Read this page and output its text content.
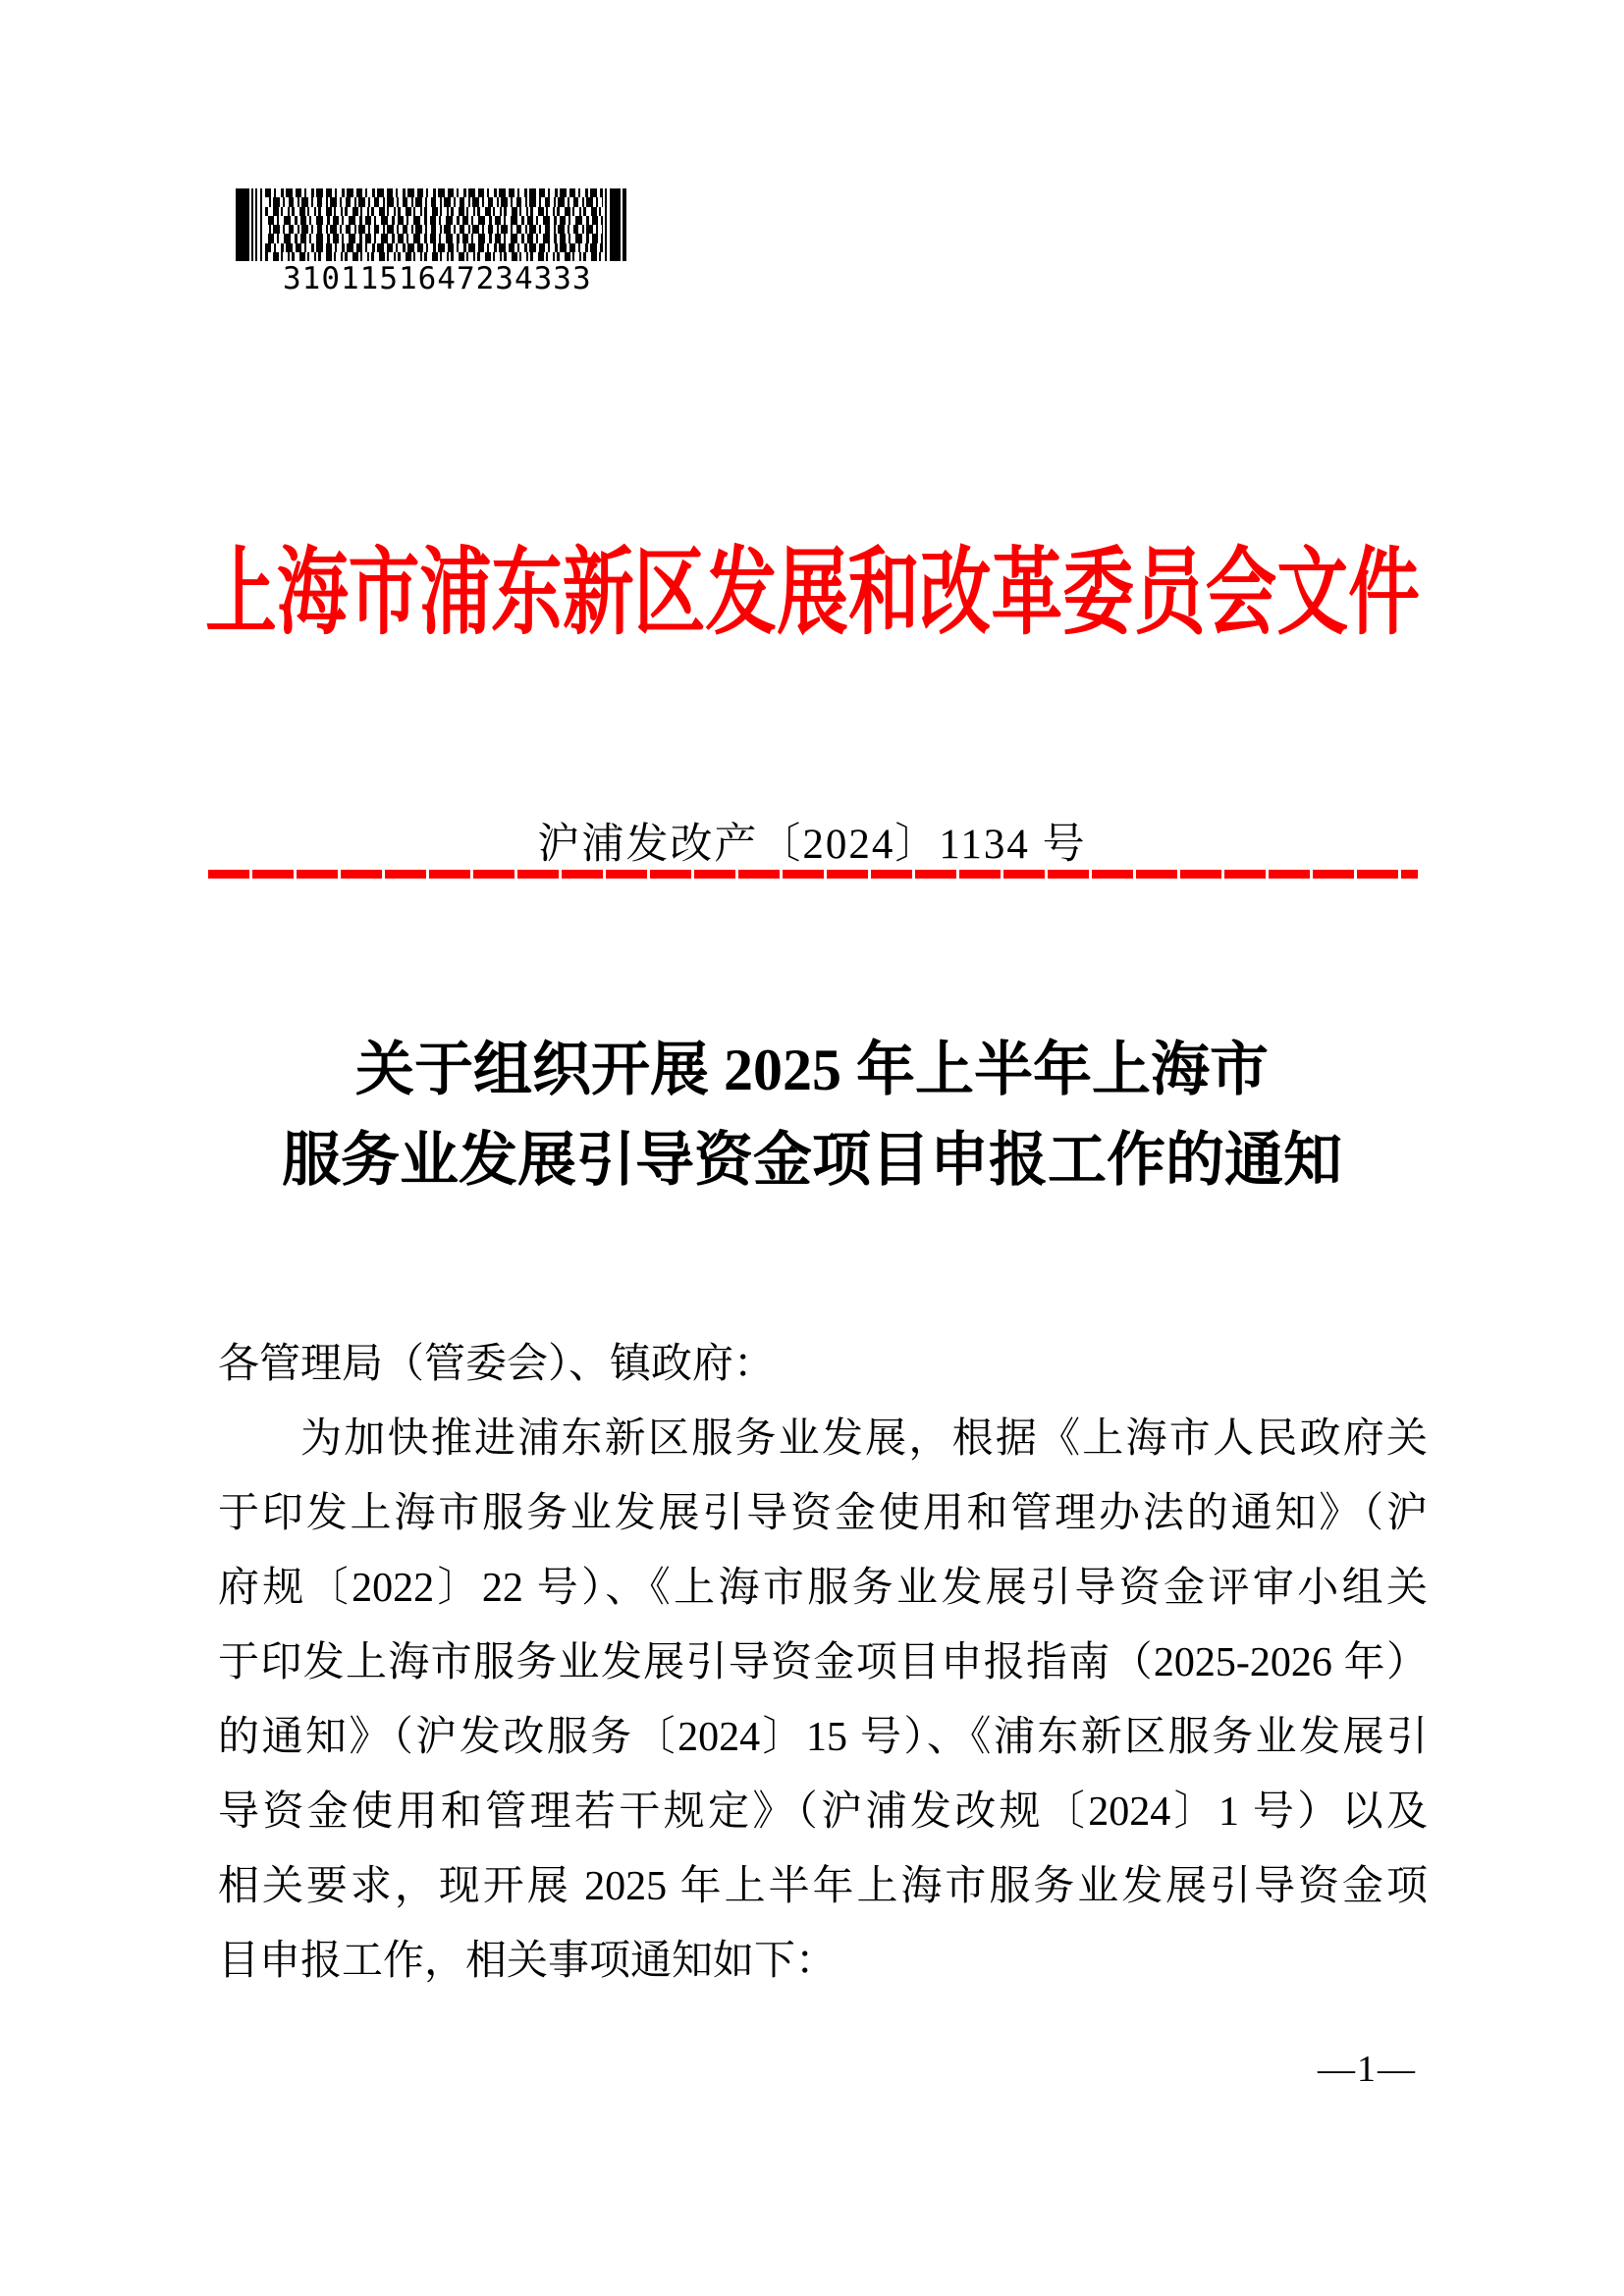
3101151647234333
上海市浦东新区发展和改革委员会文件
沪浦发改产〔2024〕1134 号
关于组织开展 2025 年上半年上海市
服务业发展引导资金项目申报工作的通知
各管理局（管委会）、镇政府：
为加快推进浦东新区服务业发展，根据《上海市人民政府关
于印发上海市服务业发展引导资金使用和管理办法的通知》（沪
府规〔2022〕22 号）、《上海市服务业发展引导资金评审小组关
于印发上海市服务业发展引导资金项目申报指南（2025-2026 年）
的通知》（沪发改服务〔2024〕15 号）、《浦东新区服务业发展引
导资金使用和管理若干规定》（沪浦发改规〔2024〕1 号）以及
相关要求，现开展 2025 年上半年上海市服务业发展引导资金项
目申报工作，相关事项通知如下：
—1—
